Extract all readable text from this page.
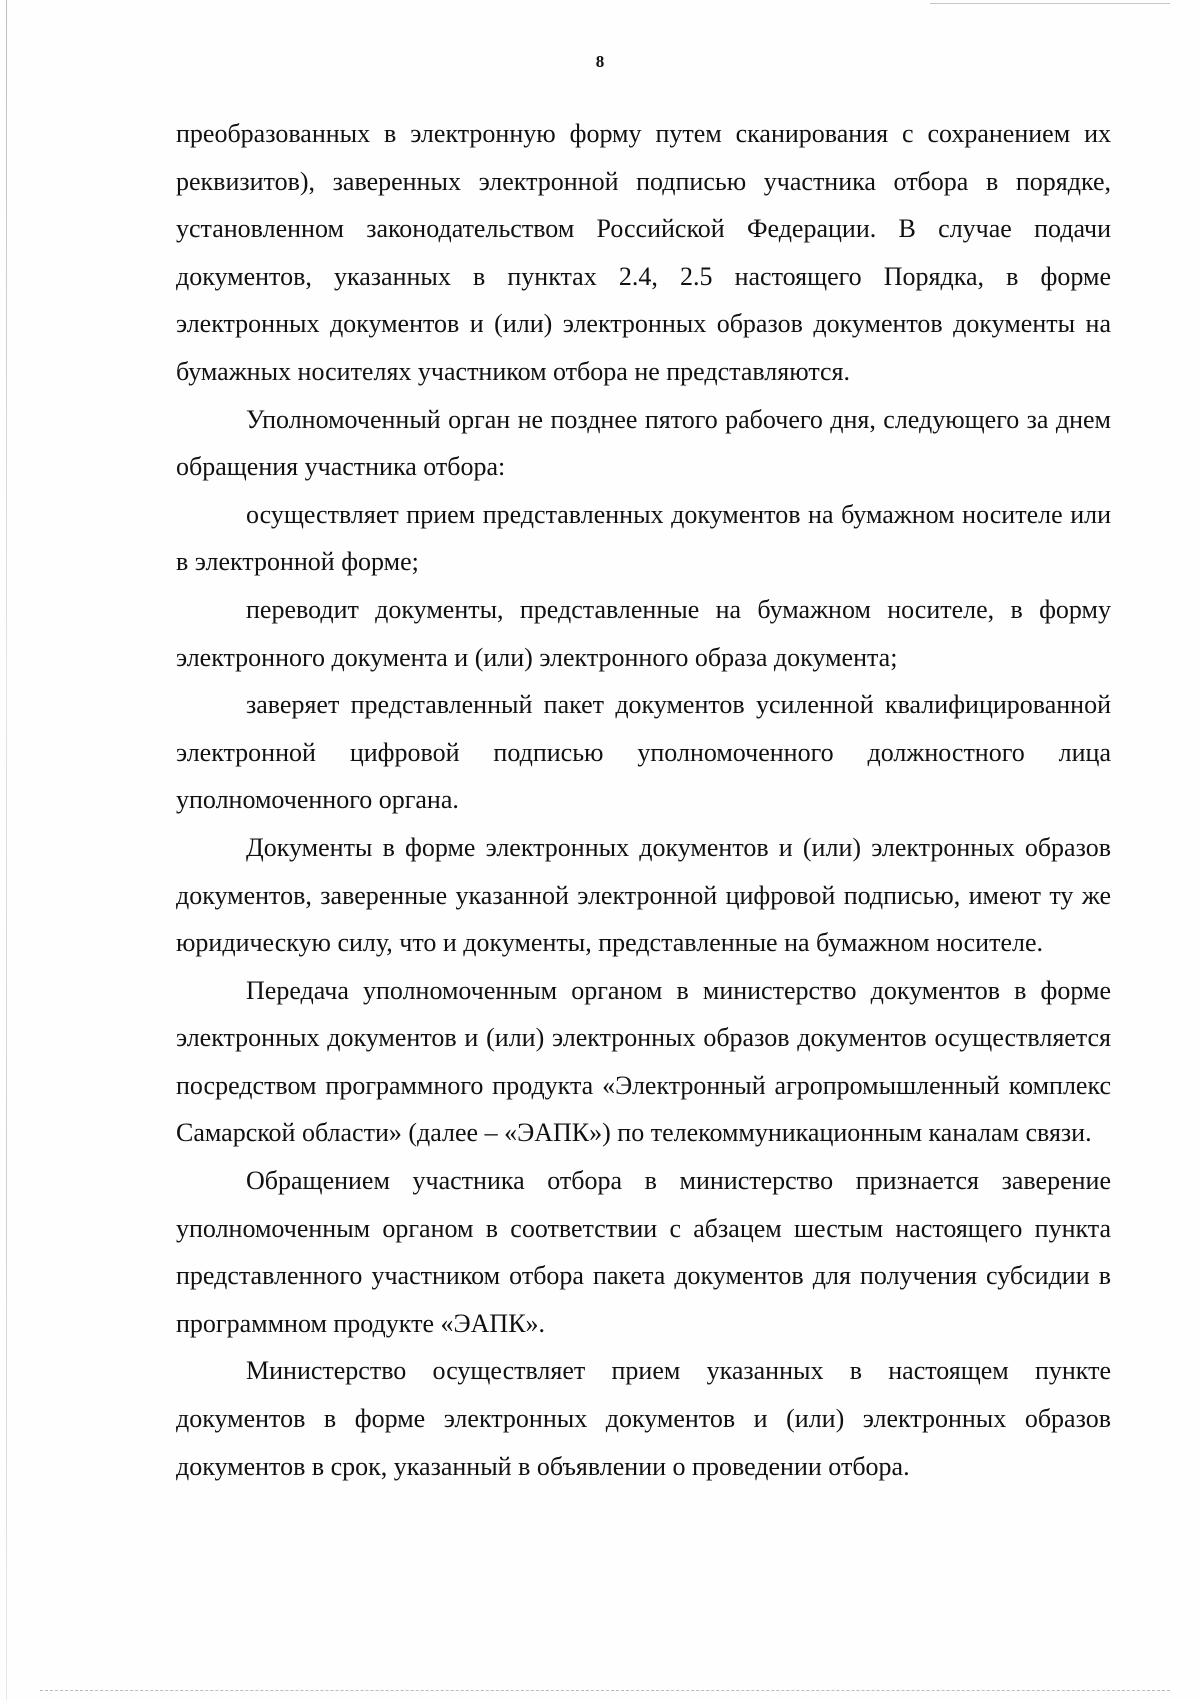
8

преобразованных в электронную форму путем сканирования с сохранением их реквизитов), заверенных электронной подписью участника отбора в порядке, установленном законодательством Российской Федерации. В случае подачи документов, указанных в пунктах 2.4, 2.5 настоящего Порядка, в форме электронных документов и (или) электронных образов документов документы на бумажных носителях участником отбора не представляются.

Уполномоченный орган не позднее пятого рабочего дня, следующего за днем обращения участника отбора:

осуществляет прием представленных документов на бумажном носителе или в электронной форме;

переводит документы, представленные на бумажном носителе, в форму электронного документа и (или) электронного образа документа;

заверяет представленный пакет документов усиленной квалифицированной электронной цифровой подписью уполномоченного должностного лица уполномоченного органа.

Документы в форме электронных документов и (или) электронных образов документов, заверенные указанной электронной цифровой подписью, имеют ту же юридическую силу, что и документы, представленные на бумажном носителе.

Передача уполномоченным органом в министерство документов в форме электронных документов и (или) электронных образов документов осуществляется посредством программного продукта «Электронный агропромышленный комплекс Самарской области» (далее – «ЭАПК») по телекоммуникационным каналам связи.

Обращением участника отбора в министерство признается заверение уполномоченным органом в соответствии с абзацем шестым настоящего пункта представленного участником отбора пакета документов для получения субсидии в программном продукте «ЭАПК».

Министерство осуществляет прием указанных в настоящем пункте документов в форме электронных документов и (или) электронных образов документов в срок, указанный в объявлении о проведении отбора.
